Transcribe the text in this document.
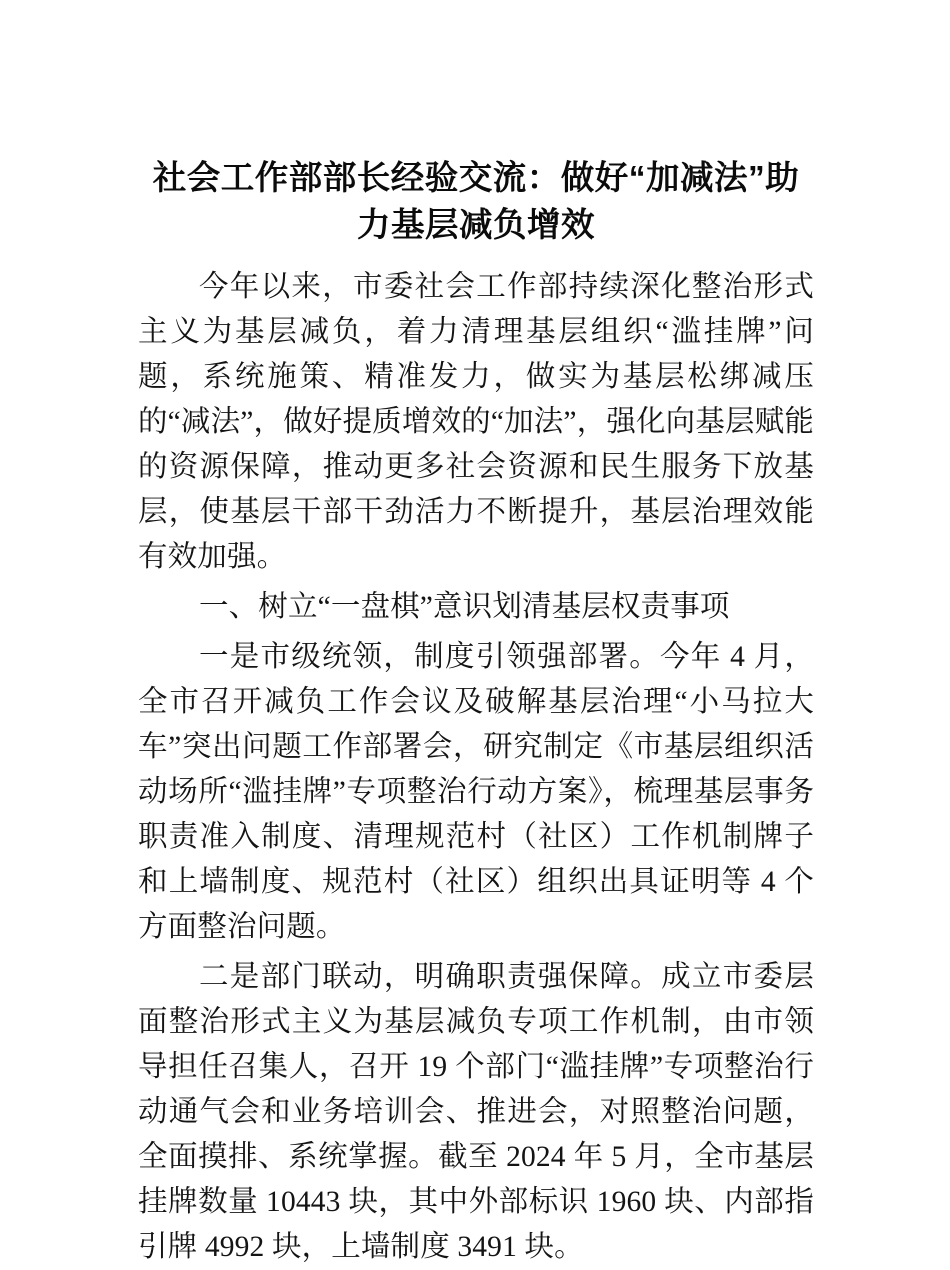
社会工作部部长经验交流：做好“加减法”助
力基层减负增效

今年以来，市委社会工作部持续深化整治形式主义为基层减负，着力清理基层组织“滥挂牌”问题，系统施策、精准发力，做实为基层松绑减压的“减法”，做好提质增效的“加法”，强化向基层赋能的资源保障，推动更多社会资源和民生服务下放基层，使基层干部干劲活力不断提升，基层治理效能有效加强。

一、树立“一盘棋”意识划清基层权责事项

一是市级统领，制度引领强部署。今年 4 月，全市召开减负工作会议及破解基层治理“小马拉大车”突出问题工作部署会，研究制定《市基层组织活动场所“滥挂牌”专项整治行动方案》，梳理基层事务职责准入制度、清理规范村（社区）工作机制牌子和上墙制度、规范村（社区）组织出具证明等 4 个方面整治问题。

二是部门联动，明确职责强保障。成立市委层面整治形式主义为基层减负专项工作机制，由市领导担任召集人，召开 19 个部门“滥挂牌”专项整治行动通气会和业务培训会、推进会，对照整治问题，全面摸排、系统掌握。截至 2024 年 5 月，全市基层挂牌数量 10443 块，其中外部标识 1960 块、内部指引牌 4992 块，上墙制度 3491 块。
